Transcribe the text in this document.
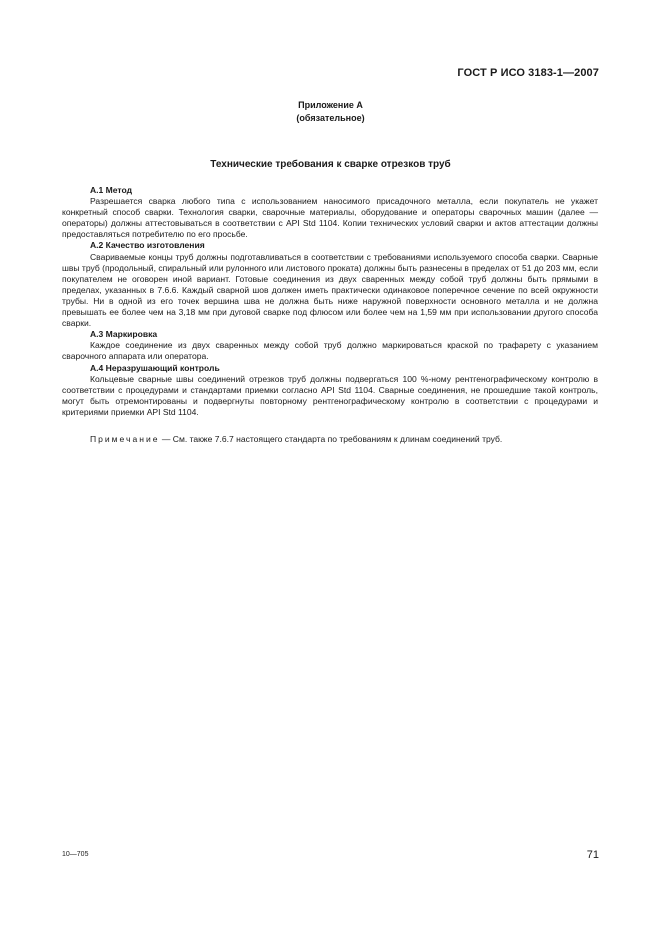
ГОСТ Р ИСО 3183-1—2007
Приложение А
(обязательное)
Технические требования к сварке отрезков труб

А.1 Метод

Разрешается сварка любого типа с использованием наносимого присадочного металла, если покупатель не укажет конкретный способ сварки. Технология сварки, сварочные материалы, оборудование и операторы сварочных машин (далее — операторы) должны аттестовываться в соответствии с API Std 1104. Копии технических условий сварки и актов аттестации должны предоставляться потребителю по его просьбе.

А.2 Качество изготовления

Свариваемые концы труб должны подготавливаться в соответствии с требованиями используемого способа сварки. Сварные швы труб (продольный, спиральный или рулонного или листового проката) должны быть разнесены в пределах от 51 до 203 мм, если покупателем не оговорен иной вариант. Готовые соединения из двух сваренных между собой труб должны быть прямыми в пределах, указанных в 7.6.6. Каждый сварной шов должен иметь практически одинаковое поперечное сечение по всей окружности трубы. Ни в одной из его точек вершина шва не должна быть ниже наружной поверхности основного металла и не должна превышать ее более чем на 3,18 мм при дуговой сварке под флюсом или более чем на 1,59 мм при использовании другого способа сварки.

А.3 Маркировка

Каждое соединение из двух сваренных между собой труб должно маркироваться краской по трафарету с указанием сварочного аппарата или оператора.

А.4 Неразрушающий контроль

Кольцевые сварные швы соединений отрезков труб должны подвергаться 100 %-ному рентгенографическому контролю в соответствии с процедурами и стандартами приемки согласно API Std 1104. Сварные соединения, не прошедшие такой контроль, могут быть отремонтированы и подвергнуты повторному рентгенографическому контролю в соответствии с процедурами и критериями приемки API Std 1104.

Примечание — См. также 7.6.7 настоящего стандарта по требованиям к длинам соединений труб.

10—705	71
